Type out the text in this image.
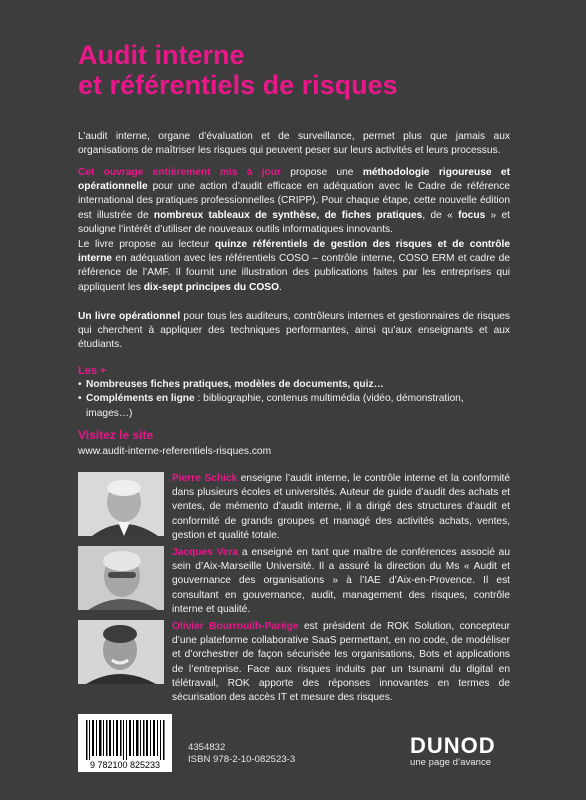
Audit interne
et référentiels de risques

L’audit interne, organe d’évaluation et de surveillance, permet plus que jamais aux organisations de maîtriser les risques qui peuvent peser sur leurs activités et leurs processus.

Cet ouvrage entièrement mis à jour propose une méthodologie rigoureuse et opérationnelle pour une action d’audit efficace en adéquation avec le Cadre de référence international des pratiques professionnelles (CRIPP). Pour chaque étape, cette nouvelle édition est illustrée de nombreux tableaux de synthèse, de fiches pratiques, de « focus » et souligne l’intérêt d’utiliser de nouveaux outils informatiques innovants.

Le livre propose au lecteur quinze référentiels de gestion des risques et de contrôle interne en adéquation avec les référentiels COSO – contrôle interne, COSO ERM et cadre de référence de l’AMF. Il fournit une illustration des publications faites par les entreprises qui appliquent les dix-sept principes du COSO.

Un livre opérationnel pour tous les auditeurs, contrôleurs internes et gestionnaires de risques qui cherchent à appliquer des techniques performantes, ainsi qu’aux enseignants et aux étudiants.

Les +
• Nombreuses fiches pratiques, modèles de documents, quiz…
• Compléments en ligne : bibliographie, contenus multimédia (vidéo, démonstration, images…)
Visitez le site
www.audit-interne-referentiels-risques.com
Pierre Schick enseigne l’audit interne, le contrôle interne et la conformité dans plusieurs écoles et universités. Auteur de guide d’audit des achats et ventes, de mémento d’audit interne, il a dirigé des structures d’audit et conformité de grands groupes et managé des activités achats, ventes, gestion et qualité totale.
Jacques Vera a enseigné en tant que maître de conférences associé au sein d’Aix-Marseille Université. Il a assuré la direction du Ms « Audit et gouvernance des organisations » à l’IAE d’Aix-en-Provence. Il est consultant en gouvernance, audit, management des risques, contrôle interne et qualité.
Olivier Bourrouilh-Parège est président de ROK Solution, concepteur d’une plateforme collaborative SaaS permettant, en no code, de modéliser et d’orchestrer de façon sécurisée les organisations, Bots et applications de l’entreprise. Face aux risques induits par un tsunami du digital en télétravail, ROK apporte des réponses innovantes en termes de sécurisation des accès IT et mesure des risques.
9 782100 825233
4354832
ISBN 978-2-10-082523-3
DUNOD
une page d’avance
